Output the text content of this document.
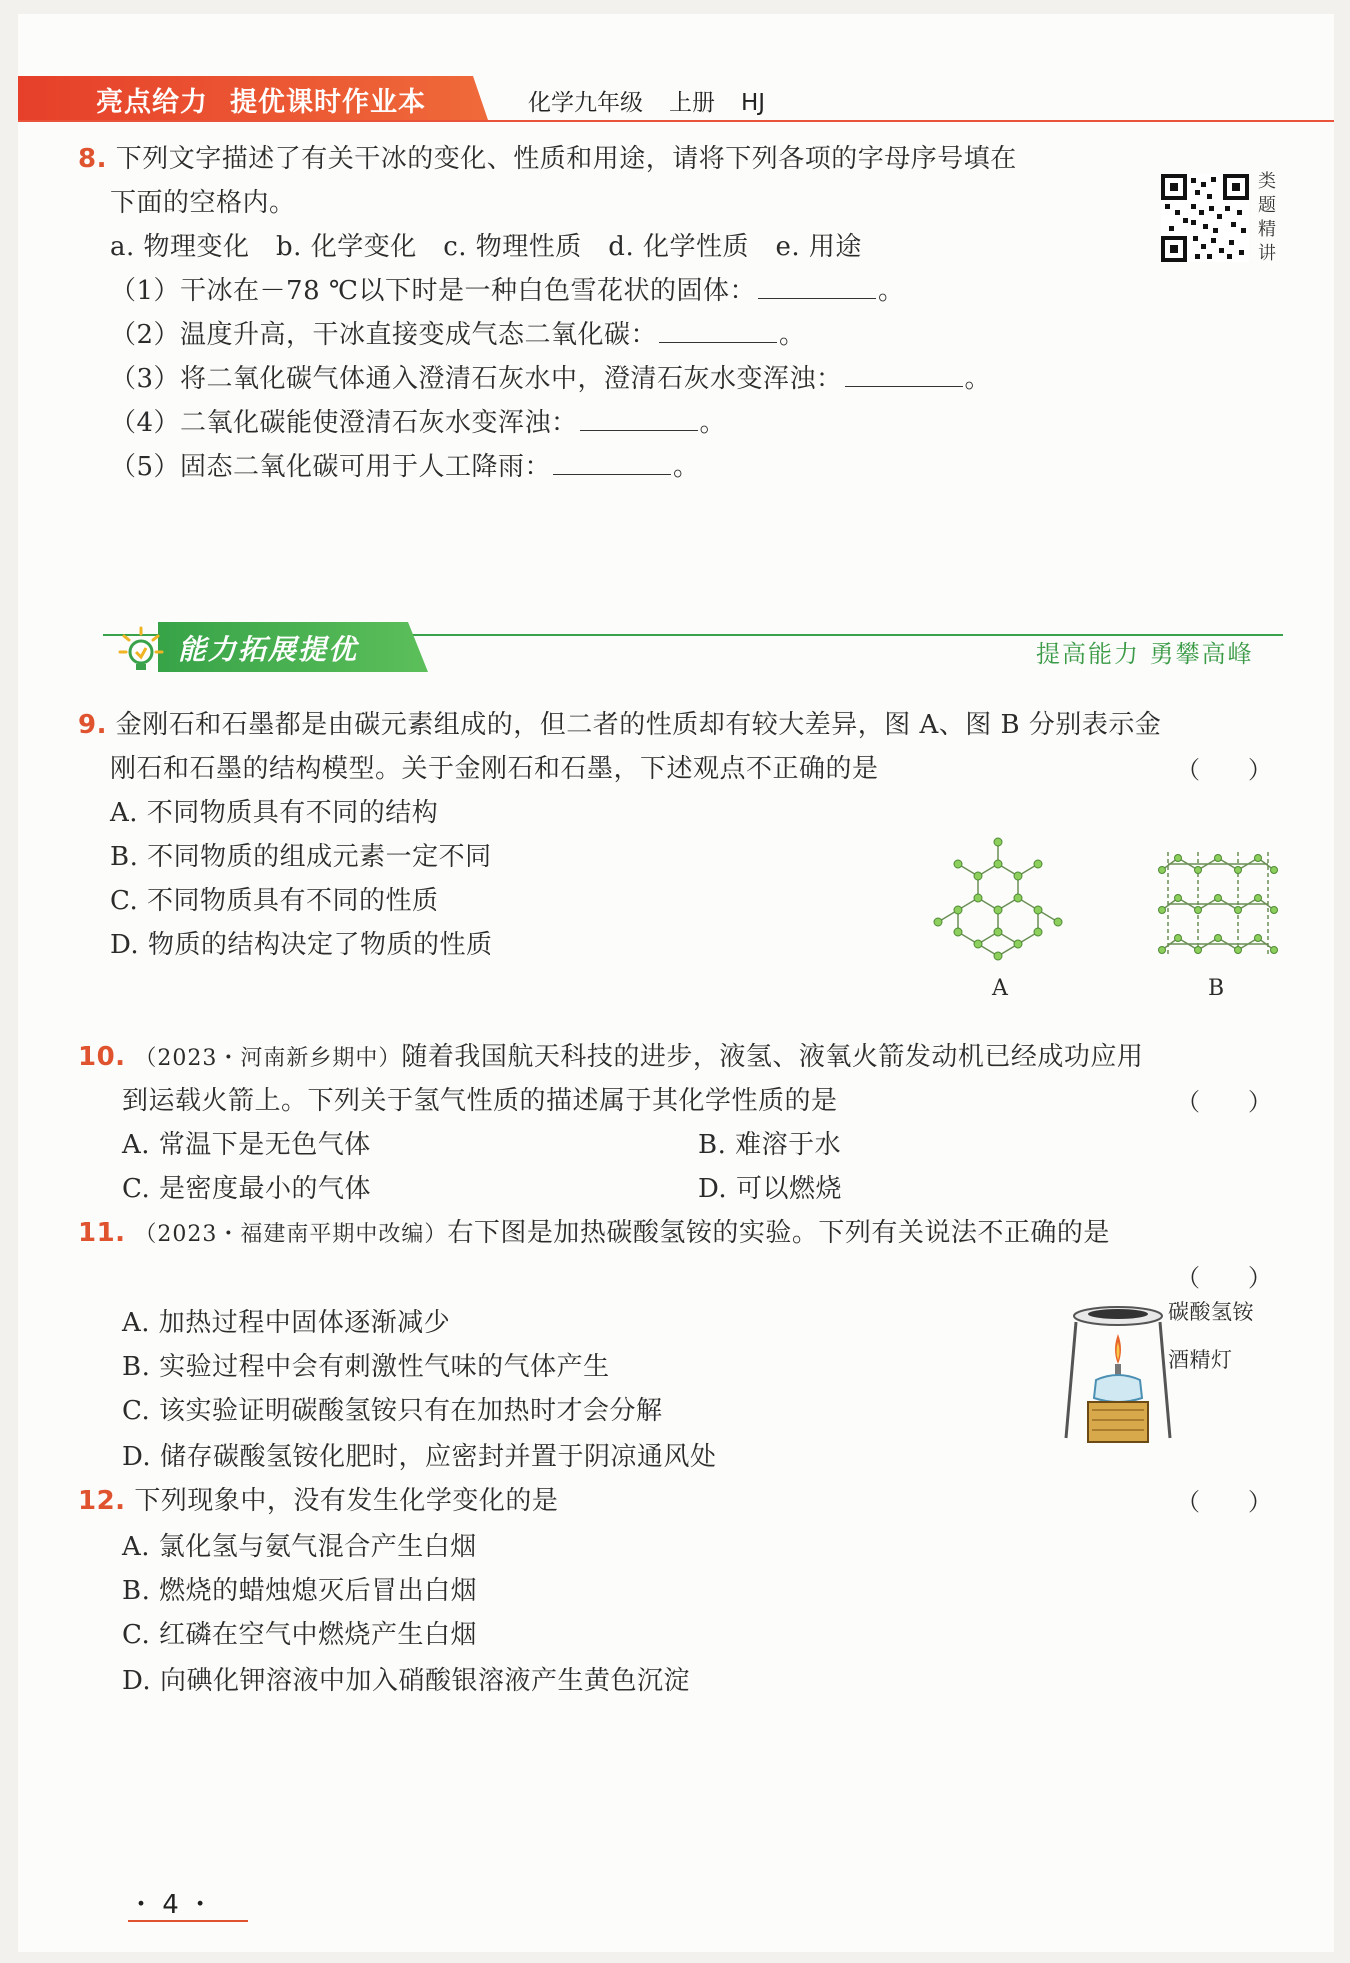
亮点给力 提优课时作业本	化学九年级 上册 HJ
8. 下列文字描述了有关干冰的变化、性质和用途，请将下列各项的字母序号填在
下面的空格内。
类
题
精
讲
a. 物理变化　b. 化学变化　c. 物理性质　d. 化学性质　e. 用途
（1）干冰在－78 ℃以下时是一种白色雪花状的固体：	。
（2）温度升高，干冰直接变成气态二氧化碳：	。
（3）将二氧化碳气体通入澄清石灰水中，澄清石灰水变浑浊：	。
（4）二氧化碳能使澄清石灰水变浑浊：	。
（5）固态二氧化碳可用于人工降雨：	。
能力拓展提优	提高能力 勇攀高峰
9. 金刚石和石墨都是由碳元素组成的，但二者的性质却有较大差异，图 A、图 B 分别表示金
刚石和石墨的结构模型。关于金刚石和石墨，下述观点不正确的是	（　　）
A. 不同物质具有不同的结构
B. 不同物质的组成元素一定不同
C. 不同物质具有不同的性质
D. 物质的结构决定了物质的性质
A	B
10. （2023・河南新乡期中）随着我国航天科技的进步，液氢、液氧火箭发动机已经成功应用
到运载火箭上。下列关于氢气性质的描述属于其化学性质的是	（　　）
A. 常温下是无色气体	B. 难溶于水
C. 是密度最小的气体	D. 可以燃烧
11. （2023・福建南平期中改编）右下图是加热碳酸氢铵的实验。下列有关说法不正确的是
（　　）
A. 加热过程中固体逐渐减少
B. 实验过程中会有刺激性气味的气体产生
C. 该实验证明碳酸氢铵只有在加热时才会分解
D. 储存碳酸氢铵化肥时，应密封并置于阴凉通风处
碳酸氢铵
酒精灯
12. 下列现象中，没有发生化学变化的是	（　　）
A. 氯化氢与氨气混合产生白烟
B. 燃烧的蜡烛熄灭后冒出白烟
C. 红磷在空气中燃烧产生白烟
D. 向碘化钾溶液中加入硝酸银溶液产生黄色沉淀
・ 4 ・
